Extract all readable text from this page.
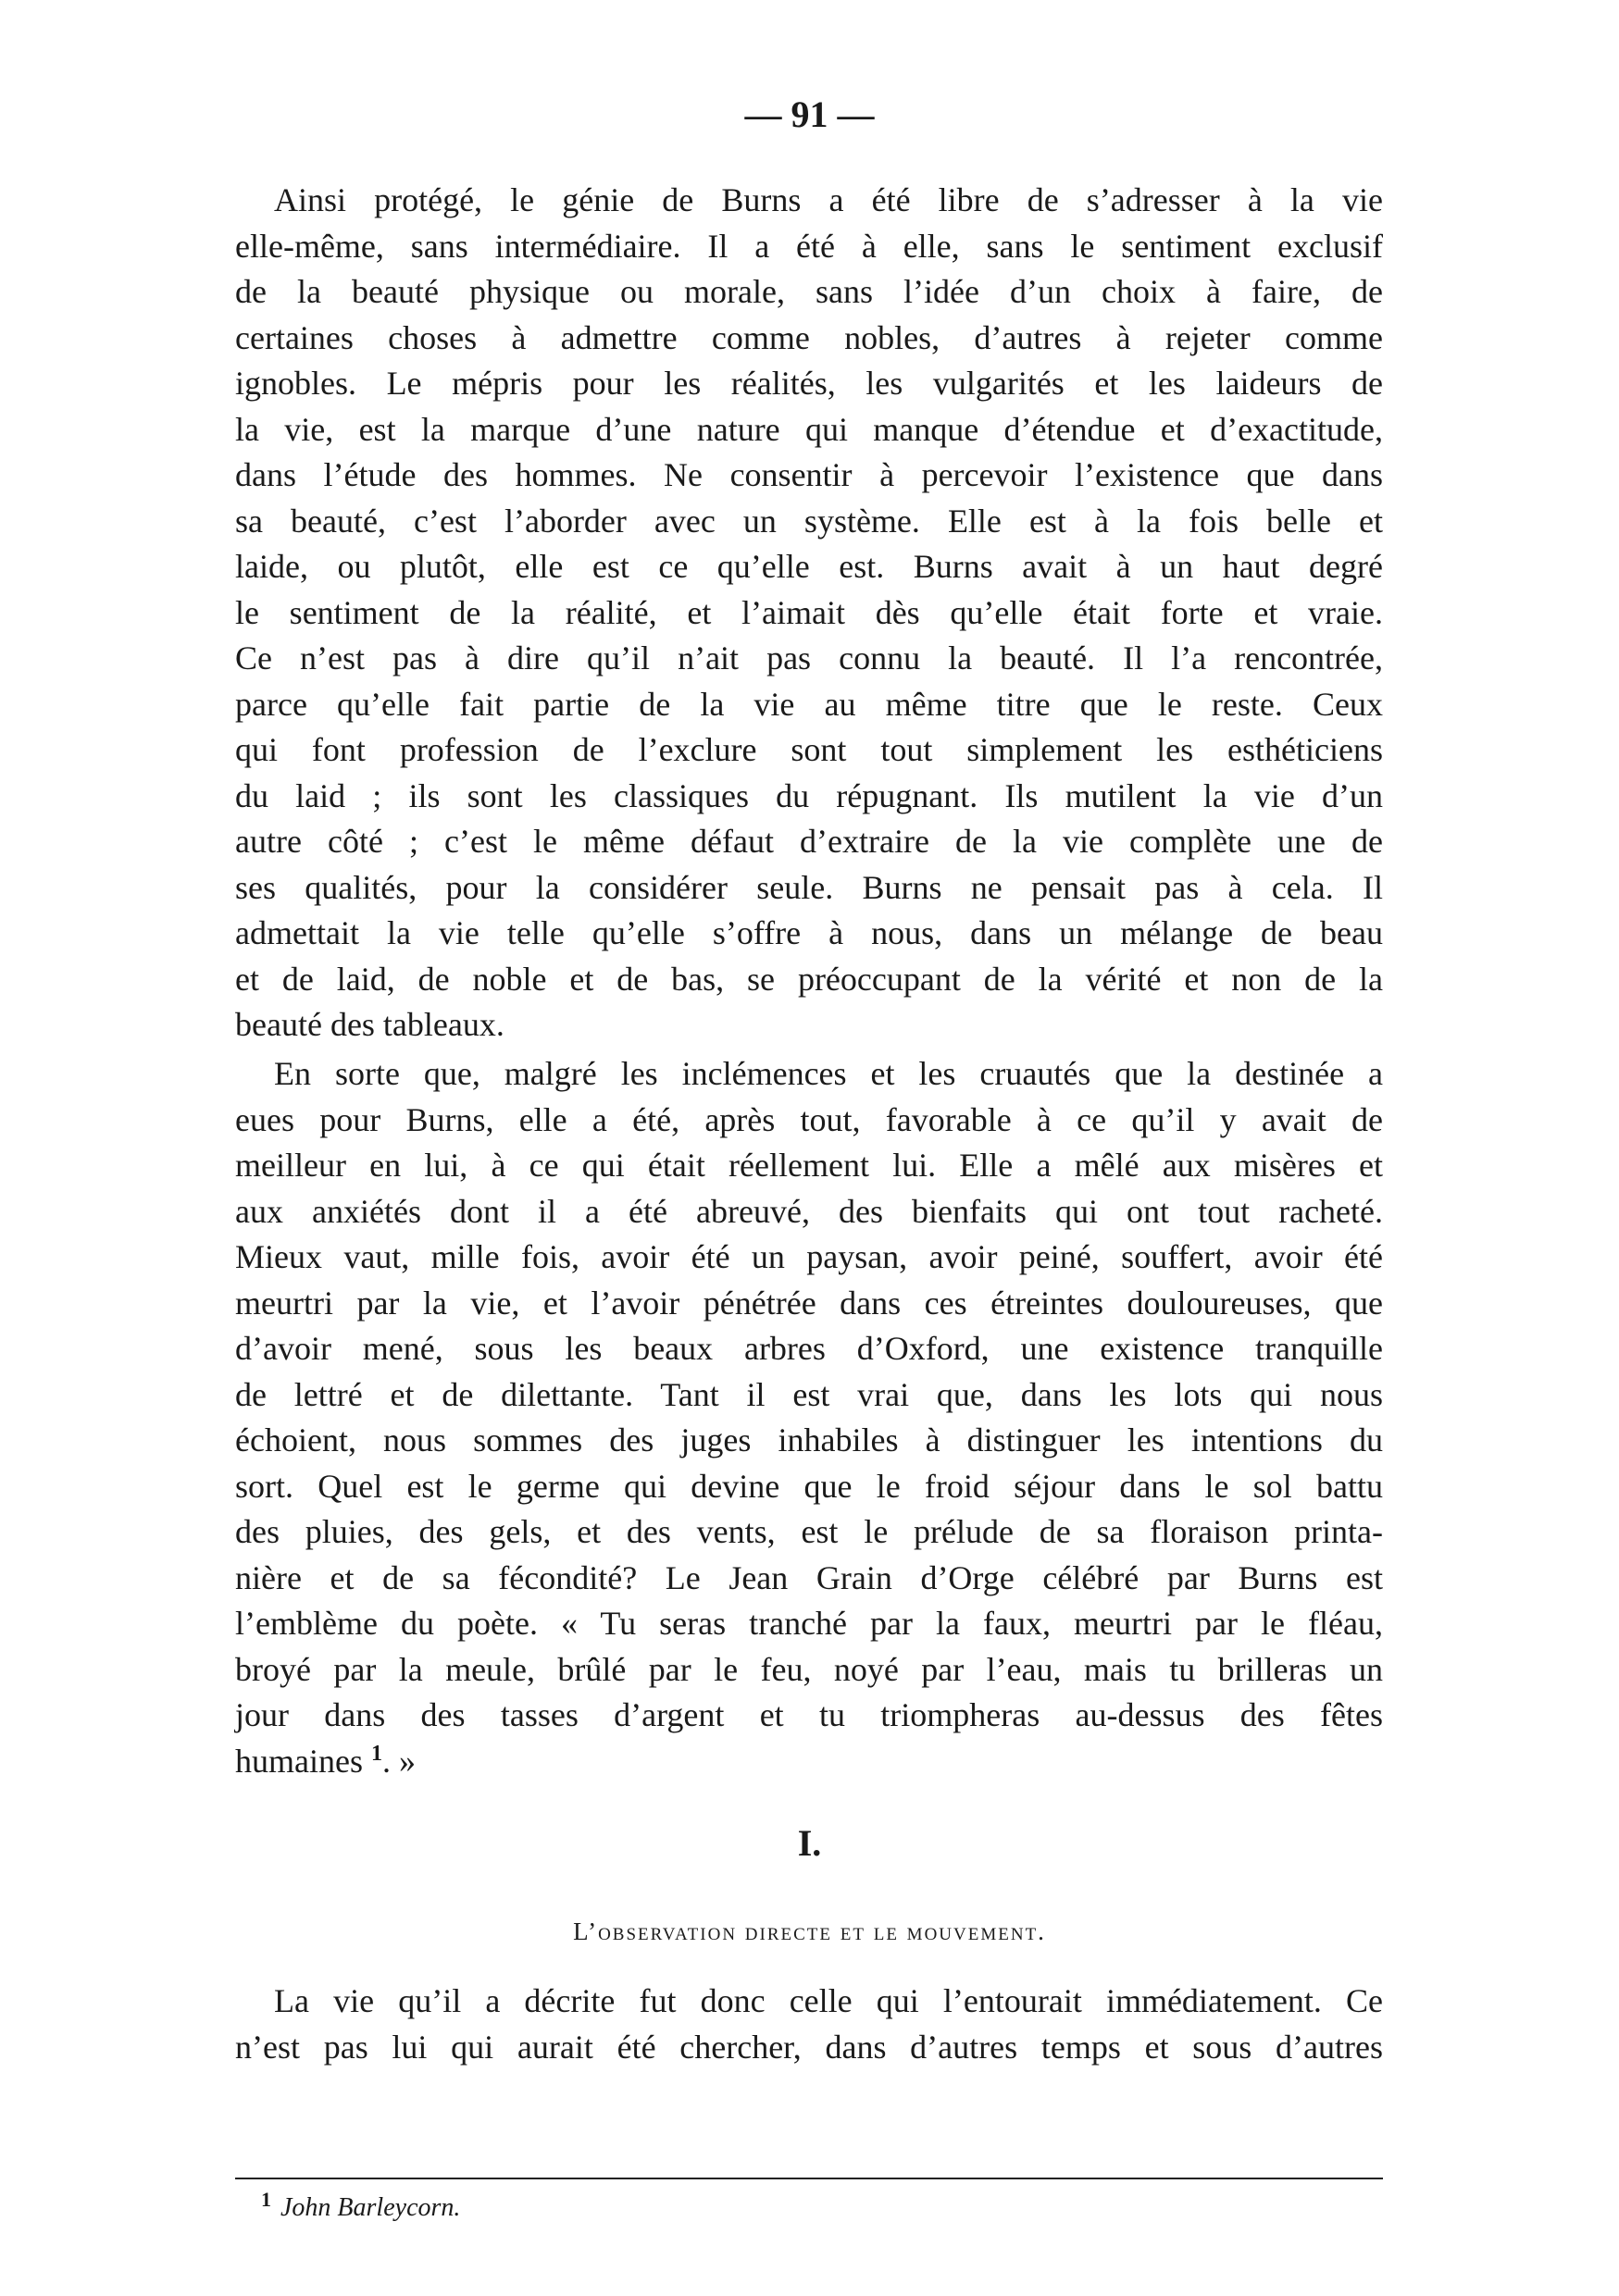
— 91 —

Ainsi protégé, le génie de Burns a été libre de s’adresser à la vie
elle-même, sans intermédiaire. Il a été à elle, sans le sentiment exclusif
de la beauté physique ou morale, sans l’idée d’un choix à faire, de
certaines choses à admettre comme nobles, d’autres à rejeter comme
ignobles. Le mépris pour les réalités, les vulgarités et les laideurs de
la vie, est la marque d’une nature qui manque d’étendue et d’exactitude,
dans l’étude des hommes. Ne consentir à percevoir l’existence que dans
sa beauté, c’est l’aborder avec un système. Elle est à la fois belle et
laide, ou plutôt, elle est ce qu’elle est. Burns avait à un haut degré
le sentiment de la réalité, et l’aimait dès qu’elle était forte et vraie.
Ce n’est pas à dire qu’il n’ait pas connu la beauté. Il l’a rencontrée,
parce qu’elle fait partie de la vie au même titre que le reste. Ceux
qui font profession de l’exclure sont tout simplement les esthéticiens
du laid ; ils sont les classiques du répugnant. Ils mutilent la vie d’un
autre côté ; c’est le même défaut d’extraire de la vie complète une de
ses qualités, pour la considérer seule. Burns ne pensait pas à cela. Il
admettait la vie telle qu’elle s’offre à nous, dans un mélange de beau
et de laid, de noble et de bas, se préoccupant de la vérité et non de la
beauté des tableaux.

En sorte que, malgré les inclémences et les cruautés que la destinée a
eues pour Burns, elle a été, après tout, favorable à ce qu’il y avait de
meilleur en lui, à ce qui était réellement lui. Elle a mêlé aux misères et
aux anxiétés dont il a été abreuvé, des bienfaits qui ont tout racheté.
Mieux vaut, mille fois, avoir été un paysan, avoir peiné, souffert, avoir été
meurtri par la vie, et l’avoir pénétrée dans ces étreintes douloureuses, que
d’avoir mené, sous les beaux arbres d’Oxford, une existence tranquille
de lettré et de dilettante. Tant il est vrai que, dans les lots qui nous
échoient, nous sommes des juges inhabiles à distinguer les intentions du
sort. Quel est le germe qui devine que le froid séjour dans le sol battu
des pluies, des gels, et des vents, est le prélude de sa floraison printa-
nière et de sa fécondité? Le Jean Grain d’Orge célébré par Burns est
l’emblème du poète. « Tu seras tranché par la faux, meurtri par le fléau,
broyé par la meule, brûlé par le feu, noyé par l’eau, mais tu brilleras un
jour dans des tasses d’argent et tu triompheras au-dessus des fêtes
humaines $^1$. »

I.
L’observation directe et le mouvement.

La vie qu’il a décrite fut donc celle qui l’entourait immédiatement. Ce
n’est pas lui qui aurait été chercher, dans d’autres temps et sous d’autres

$^1$ John Barleycorn.
